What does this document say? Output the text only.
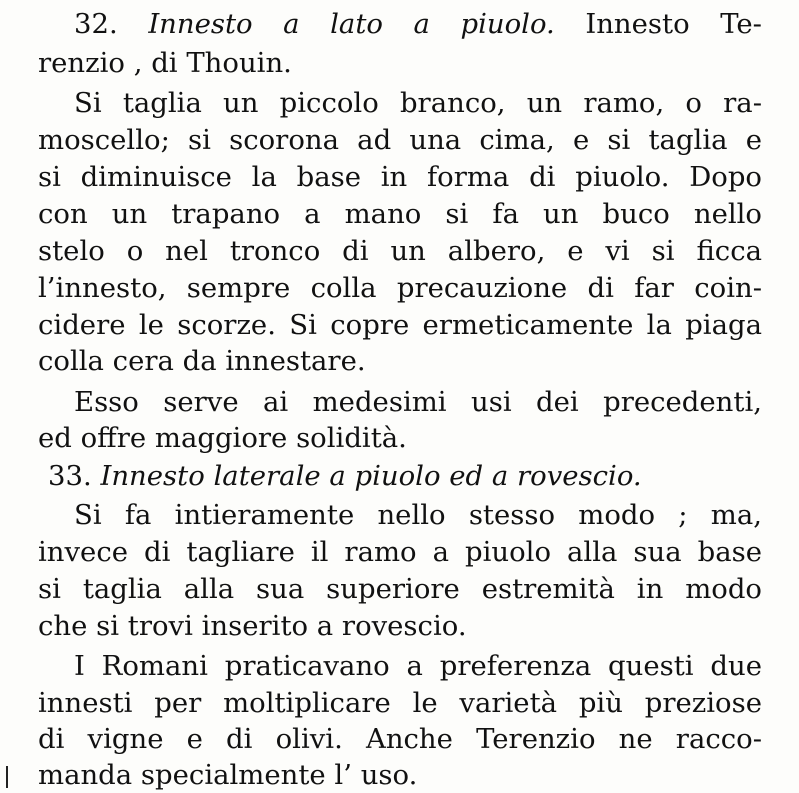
32. Innesto a lato a piuolo. Innesto Te-
renzio , di Thouin.
Si taglia un piccolo branco, un ramo, o ra-
moscello; si scorona ad una cima, e si taglia e
si diminuisce la base in forma di piuolo. Dopo
con un trapano a mano si fa un buco nello
stelo o nel tronco di un albero, e vi si ficca
l’innesto, sempre colla precauzione di far coin-
cidere le scorze. Si copre ermeticamente la piaga
colla cera da innestare.
Esso serve ai medesimi usi dei precedenti,
ed offre maggiore solidità.
33. Innesto laterale a piuolo ed a rovescio.
Si fa intieramente nello stesso modo ; ma,
invece di tagliare il ramo a piuolo alla sua base
si taglia alla sua superiore estremità in modo
che si trovi inserito a rovescio.
I Romani praticavano a preferenza questi due
innesti per moltiplicare le varietà più preziose
di vigne e di olivi. Anche Terenzio ne racco-
manda specialmente l’ uso.
